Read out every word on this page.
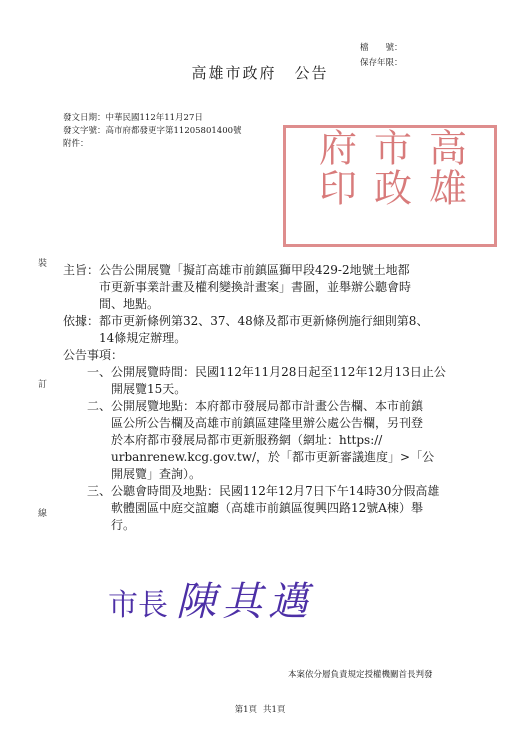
檔　　號：
保存年限：
高雄市政府 公告
發文日期：中華民國112年11月27日
發文字號：高市府都發更字第11205801400號
附件：	高雄市政府印
裝
訂
線
主旨： 公告公開展覽「擬訂高雄市前鎮區獅甲段429-2地號土地都
市更新事業計畫及權利變換計畫案」書圖，並舉辦公聽會時
間、地點。
依據： 都市更新條例第32、37、48條及都市更新條例施行細則第8、
14條規定辦理。
公告事項：
一、 公開展覽時間：民國112年11月28日起至112年12月13日止公
開展覽15天。
二、 公開展覽地點：本府都市發展局都市計畫公告欄、本市前鎮
區公所公告欄及高雄市前鎮區建隆里辦公處公告欄，另刊登
於本府都市發展局都市更新服務網（網址：https://
urbanrenew.kcg.gov.tw/，於「都市更新審議進度」>「公
開展覽」查詢）。
三、 公聽會時間及地點：民國112年12月7日下午14時30分假高雄
軟體園區中庭交誼廳（高雄市前鎮區復興四路12號A棟）舉
行。
市長 陳其邁
本案依分層負責規定授權機關首長判發
第1頁 共1頁
